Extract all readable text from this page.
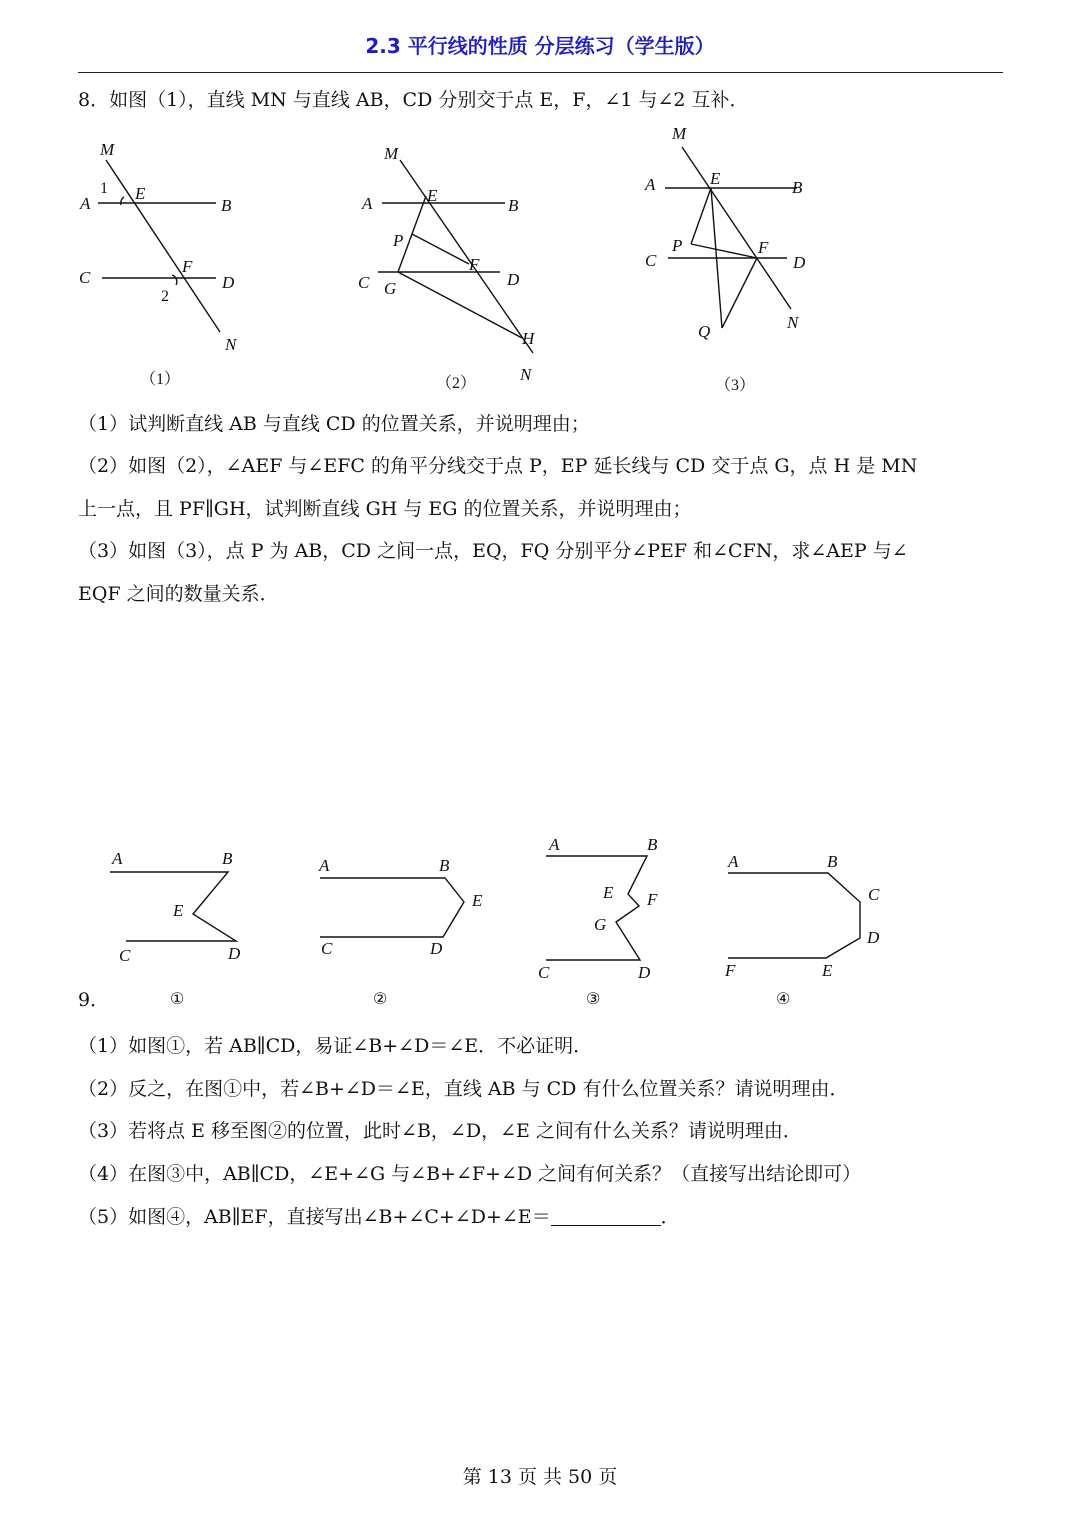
2.3 平行线的性质 分层练习（学生版）
8．如图（1），直线 MN 与直线 AB，CD 分别交于点 E，F，∠1 与∠2 互补．
M
A
1 E
B
C
F
D
2
N
（1）
M
A	E
B
P
C G
F
D
H
N
（2）
M
A	E	B
C
P	F
D
Q	N
（3）
（1）试判断直线 AB 与直线 CD 的位置关系，并说明理由；
（2）如图（2），∠AEF 与∠EFC 的角平分线交于点 P，EP 延长线与 CD 交于点 G，点 H 是 MN
上一点，且 PF∥GH，试判断直线 GH 与 EG 的位置关系，并说明理由；
（3）如图（3），点 P 为 AB，CD 之间一点，EQ，FQ 分别平分∠PEF 和∠CFN，求∠AEP 与∠
EQF 之间的数量关系．
A	B
E
C	D
①
A	B
E
C	D
②
A	B
E F
G
C	D
③
A	B
C
D
F	E
④
9．
（1）如图①，若 AB∥CD，易证∠B+∠D＝∠E．不必证明．
（2）反之，在图①中，若∠B+∠D＝∠E，直线 AB 与 CD 有什么位置关系？请说明理由．
（3）若将点 E 移至图②的位置，此时∠B，∠D，∠E 之间有什么关系？请说明理由．
（4）在图③中，AB∥CD，∠E+∠G 与∠B+∠F+∠D 之间有何关系？（直接写出结论即可）
（5）如图④，AB∥EF，直接写出∠B+∠C+∠D+∠E＝	．
第 13 页 共 50 页
